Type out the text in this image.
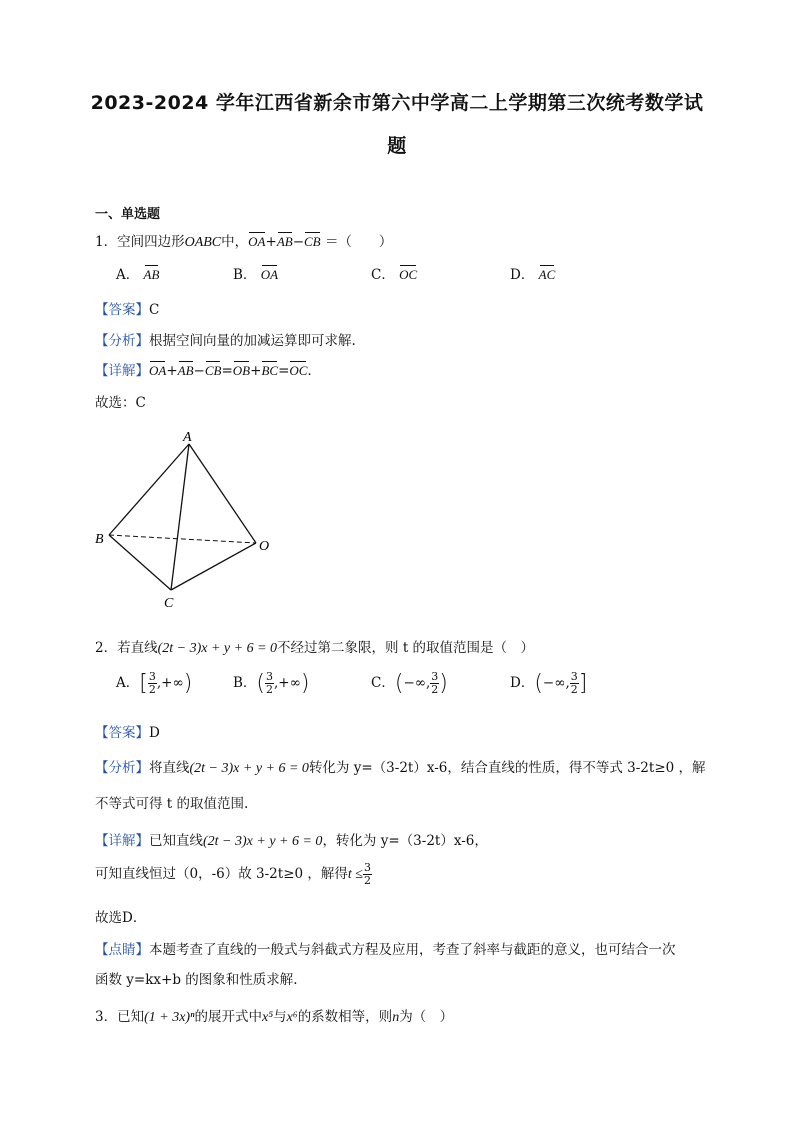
2023-2024 学年江西省新余市第六中学高二上学期第三次统考数学试
题
一、单选题
1．空间四边形OABC中，OA+AB−CB ＝（　　）
A． AB	B． OA	C． OC	D． AC
【答案】C
【分析】根据空间向量的加减运算即可求解.
【详解】OA+AB−CB=OB+BC=OC．
故选：C
A
B
C
O
2．若直线(2t − 3)x + y + 6 = 0不经过第二象限，则 t 的取值范围是（　）
A．[ $\frac{3}{2}$ ,+∞)	B．( $\frac{3}{2}$ ,+∞)	C．(−∞, $\frac{3}{2}$ )	D．(−∞, $\frac{3}{2}$ ]
【答案】D
【分析】将直线(2t − 3)x + y + 6 = 0转化为 y=（3-2t）x-6，结合直线的性质，得不等式 3-2t≥0 ，解
不等式可得 t 的取值范围.
【详解】已知直线(2t − 3)x + y + 6 = 0，转化为 y=（3-2t）x-6，
可知直线恒过（0，-6）故 3-2t≥0 ，解得$t \le \frac{3}{2}$
故选D．
【点睛】本题考查了直线的一般式与斜截式方程及应用，考查了斜率与截距的意义，也可结合一次
函数 y=kx+b 的图象和性质求解.
3．已知(1 + 3x)ⁿ的展开式中x⁵与x⁶的系数相等，则n为（　）
